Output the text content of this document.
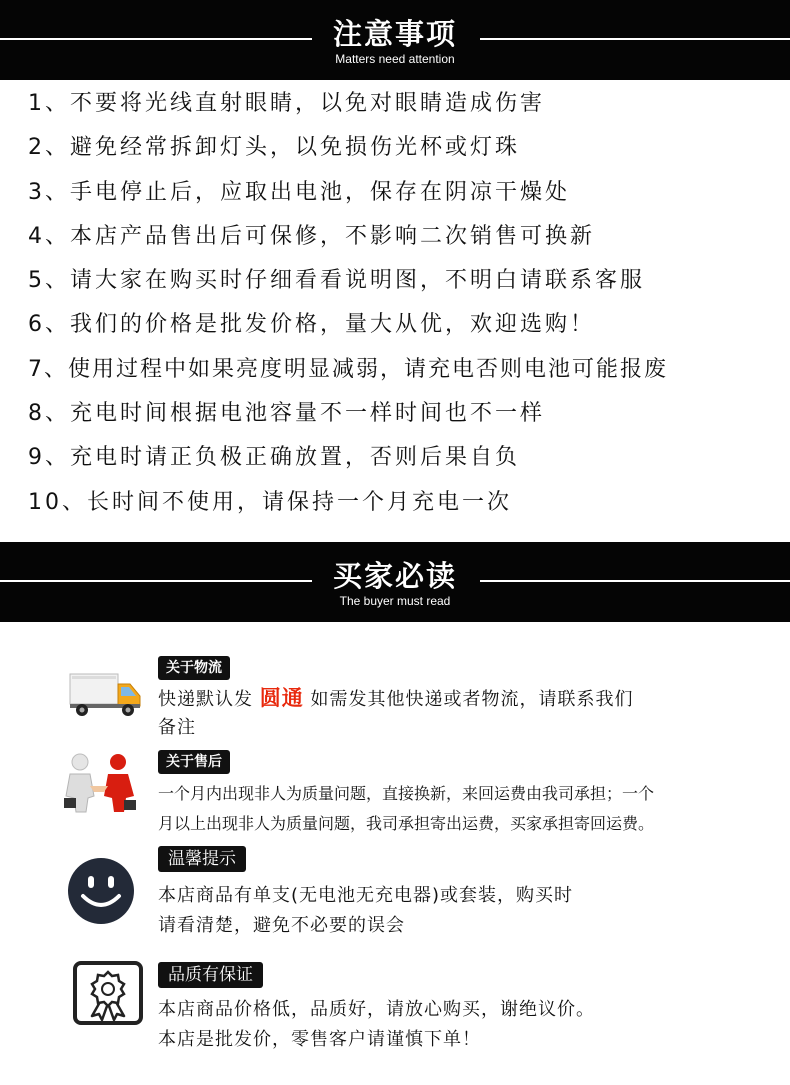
注意事项
Matters need attention
1、不要将光线直射眼睛，以免对眼睛造成伤害
2、避免经常拆卸灯头，以免损伤光杯或灯珠
3、手电停止后，应取出电池，保存在阴凉干燥处
4、本店产品售出后可保修，不影响二次销售可换新
5、请大家在购买时仔细看看说明图，不明白请联系客服
6、我们的价格是批发价格，量大从优，欢迎选购！
7、使用过程中如果亮度明显减弱，请充电否则电池可能报废
8、充电时间根据电池容量不一样时间也不一样
9、充电时请正负极正确放置，否则后果自负
10、长时间不使用，请保持一个月充电一次
买家必读
The buyer must read
关于物流
快递默认发 圆通 如需发其他快递或者物流，请联系我们
备注
关于售后
一个月内出现非人为质量问题，直接换新，来回运费由我司承担；一个
月以上出现非人为质量问题，我司承担寄出运费，买家承担寄回运费。
温馨提示
本店商品有单支(无电池无充电器)或套装，购买时
请看清楚，避免不必要的误会
品质有保证
本店商品价格低，品质好，请放心购买，谢绝议价。
本店是批发价，零售客户请谨慎下单！
